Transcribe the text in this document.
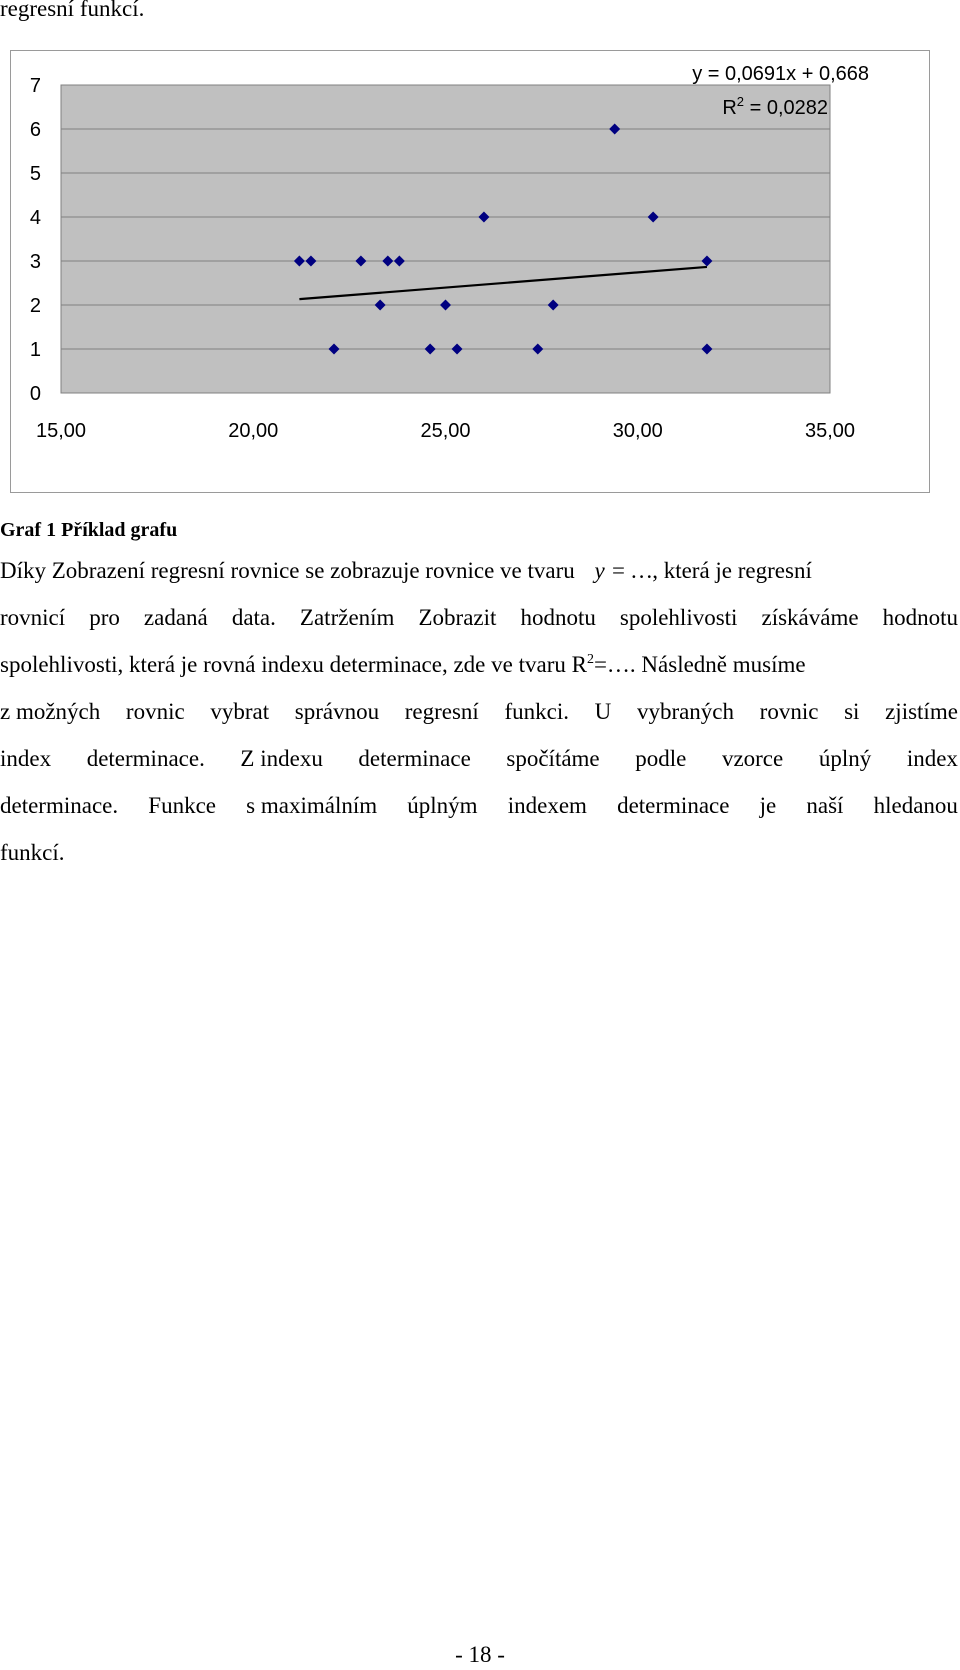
regresní funkcí.
0
1
2
3
4
5
6
7
15,00	20,00	25,00	30,00	35,00
y = 0,0691x + 0,668
$R^2 = 0,0282$
Graf 1 Příklad grafu
Díky Zobrazení regresní rovnice se zobrazuje rovnice ve tvaru y = …, která je regresní
rovnicí pro zadaná data. Zatržením Zobrazit hodnotu spolehlivosti získáváme hodnotu
spolehlivosti, která je rovná indexu determinace, zde ve tvaru $R^2=\dots$. Následně musíme
z možných rovnic vybrat správnou regresní funkci. U vybraných rovnic si zjistíme
index determinace. Z indexu determinace spočítáme podle vzorce úplný index
determinace. Funkce s maximálním úplným indexem determinace je naší hledanou
funkcí.
- 18 -
